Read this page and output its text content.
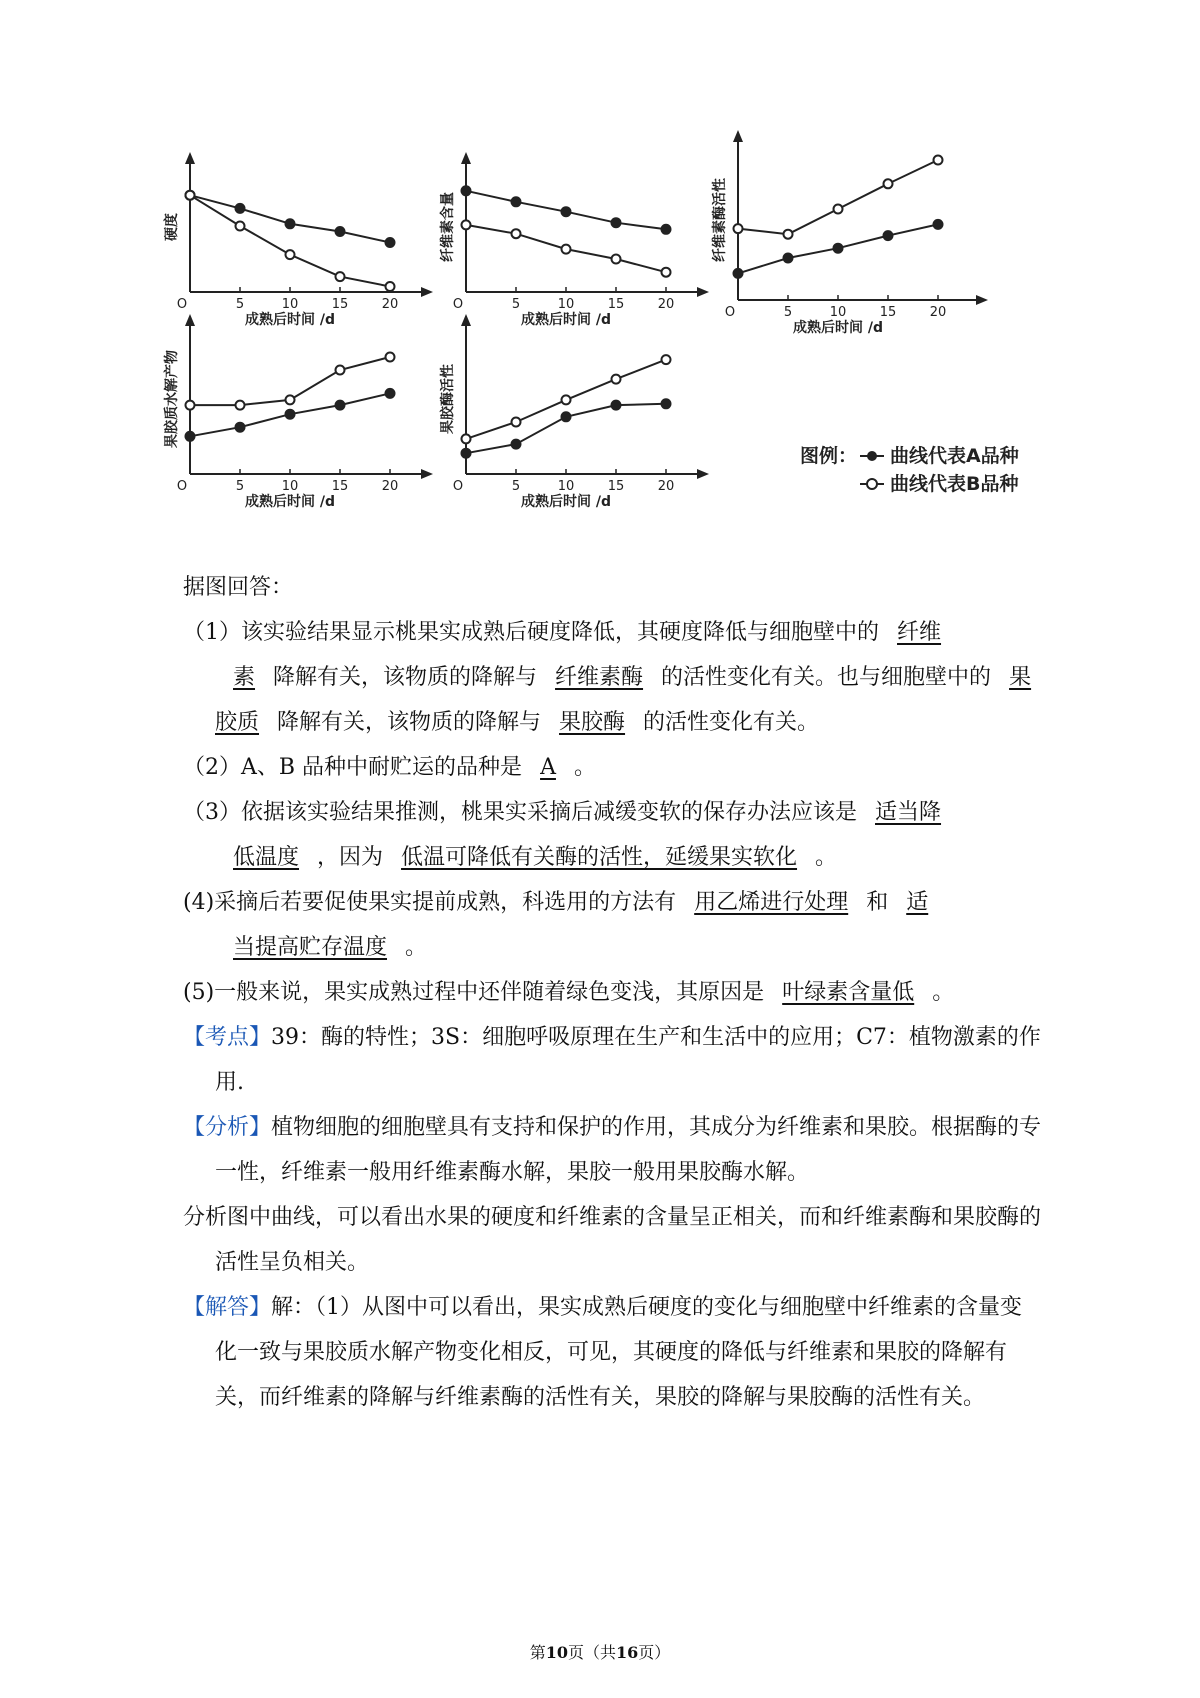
O	5	10	15	20
成熟后时间 /d
硬度
O	5	10	15	20
成熟后时间 /d
纤维素含量
O	5	10	15	20
成熟后时间 /d
纤维素酶活性
O	5	10	15	20
成熟后时间 /d
果胶质水解产物
O	5	10	15	20
成熟后时间 /d
果胶酶活性
图例： 曲线代表A品种
曲线代表B品种

据图回答：

（1）该实验结果显示桃果实成熟后硬度降低，其硬度降低与细胞壁中的 纤维
素 降解有关，该物质的降解与 纤维素酶 的活性变化有关。也与细胞壁中的 果胶质 降解有关，该物质的降解与 果胶酶 的活性变化有关。

（2）A、B 品种中耐贮运的品种是 A 。

（3）依据该实验结果推测，桃果实采摘后减缓变软的保存办法应该是 适当降
低温度 ，因为 低温可降低有关酶的活性，延缓果实软化 。

(4)采摘后若要促使果实提前成熟，科选用的方法有 用乙烯进行处理 和 适
当提高贮存温度 。

(5)一般来说，果实成熟过程中还伴随着绿色变浅，其原因是 叶绿素含量低 。

【考点】39：酶的特性；3S：细胞呼吸原理在生产和生活中的应用；C7：植物激素的作用.

【分析】植物细胞的细胞壁具有支持和保护的作用，其成分为纤维素和果胶。根据酶的专一性，纤维素一般用纤维素酶水解，果胶一般用果胶酶水解。

分析图中曲线，可以看出水果的硬度和纤维素的含量呈正相关，而和纤维素酶和果胶酶的活性呈负相关。

【解答】解：（1）从图中可以看出，果实成熟后硬度的变化与细胞壁中纤维素的含量变化一致与果胶质水解产物变化相反，可见，其硬度的降低与纤维素和果胶的降解有关，而纤维素的降解与纤维素酶的活性有关，果胶的降解与果胶酶的活性有关。

第10页（共16页）
